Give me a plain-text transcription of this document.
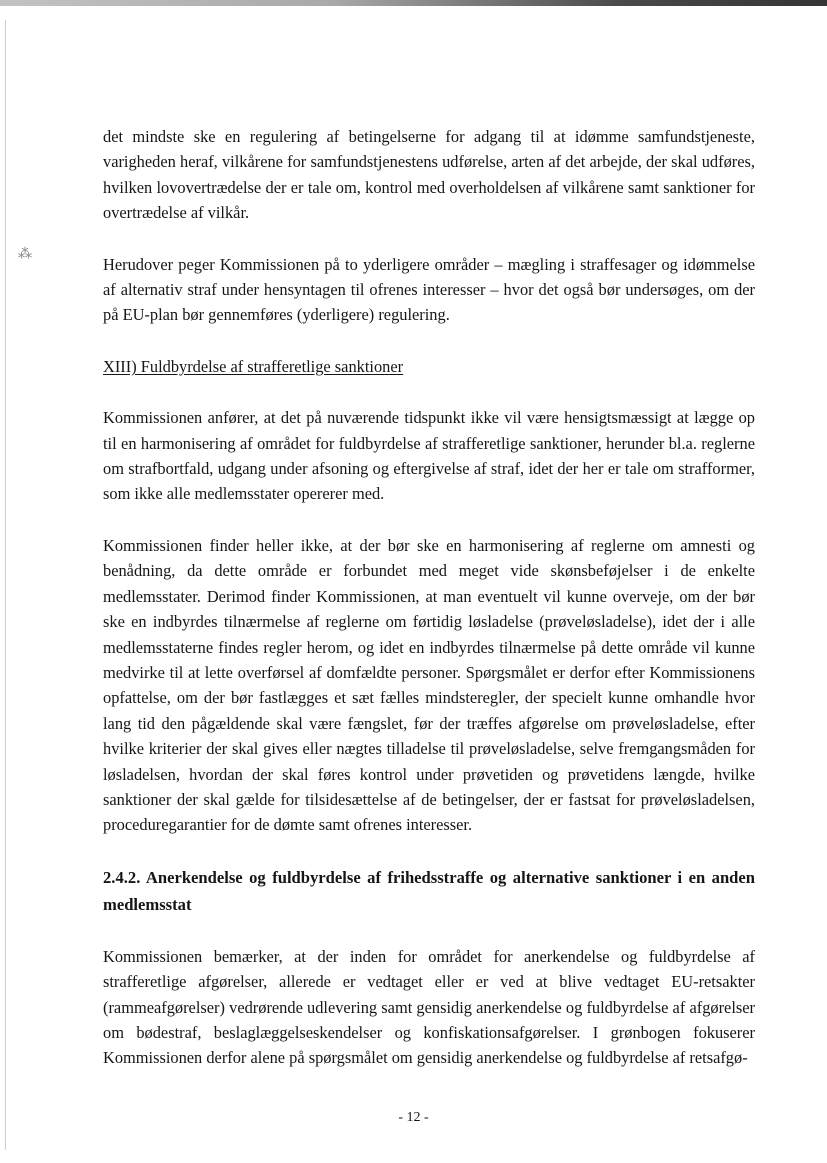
⁂

det mindste ske en regulering af betingelserne for adgang til at idømme samfundstjeneste, varigheden heraf, vilkårene for samfundstjenestens udførelse, arten af det arbejde, der skal udføres, hvilken lovovertrædelse der er tale om, kontrol med overholdelsen af vilkårene samt sanktioner for overtrædelse af vilkår.

Herudover peger Kommissionen på to yderligere områder – mægling i straffesager og idømmelse af alternativ straf under hensyntagen til ofrenes interesser – hvor det også bør undersøges, om der på EU-plan bør gennemføres (yderligere) regulering.

XIII) Fuldbyrdelse af strafferetlige sanktioner

Kommissionen anfører, at det på nuværende tidspunkt ikke vil være hensigtsmæssigt at lægge op til en harmonisering af området for fuldbyrdelse af strafferetlige sanktioner, herunder bl.a. reglerne om strafbortfald, udgang under afsoning og eftergivelse af straf, idet der her er tale om strafformer, som ikke alle medlemsstater opererer med.

Kommissionen finder heller ikke, at der bør ske en harmonisering af reglerne om amnesti og benådning, da dette område er forbundet med meget vide skønsbeføjelser i de enkelte medlemsstater. Derimod finder Kommissionen, at man eventuelt vil kunne overveje, om der bør ske en indbyrdes tilnærmelse af reglerne om førtidig løsladelse (prøveløsladelse), idet der i alle medlemsstaterne findes regler herom, og idet en indbyrdes tilnærmelse på dette område vil kunne medvirke til at lette overførsel af domfældte personer. Spørgsmålet er derfor efter Kommissionens opfattelse, om der bør fastlægges et sæt fælles mindsteregler, der specielt kunne omhandle hvor lang tid den pågældende skal være fængslet, før der træffes afgørelse om prøveløsladelse, efter hvilke kriterier der skal gives eller nægtes tilladelse til prøveløsladelse, selve fremgangsmåden for løsladelsen, hvordan der skal føres kontrol under prøvetiden og prøvetidens længde, hvilke sanktioner der skal gælde for tilsidesættelse af de betingelser, der er fastsat for prøveløsladelsen, proceduregarantier for de dømte samt ofrenes interesser.

2.4.2. Anerkendelse og fuldbyrdelse af frihedsstraffe og alternative sanktioner i en anden medlemsstat

Kommissionen bemærker, at der inden for området for anerkendelse og fuldbyrdelse af strafferetlige afgørelser, allerede er vedtaget eller er ved at blive vedtaget EU-retsakter (rammeafgørelser) vedrørende udlevering samt gensidig anerkendelse og fuldbyrdelse af afgørelser om bødestraf, beslaglæggelseskendelser og konfiskationsafgørelser. I grønbogen fokuserer Kommissionen derfor alene på spørgsmålet om gensidig anerkendelse og fuldbyrdelse af retsafgø-

- 12 -
